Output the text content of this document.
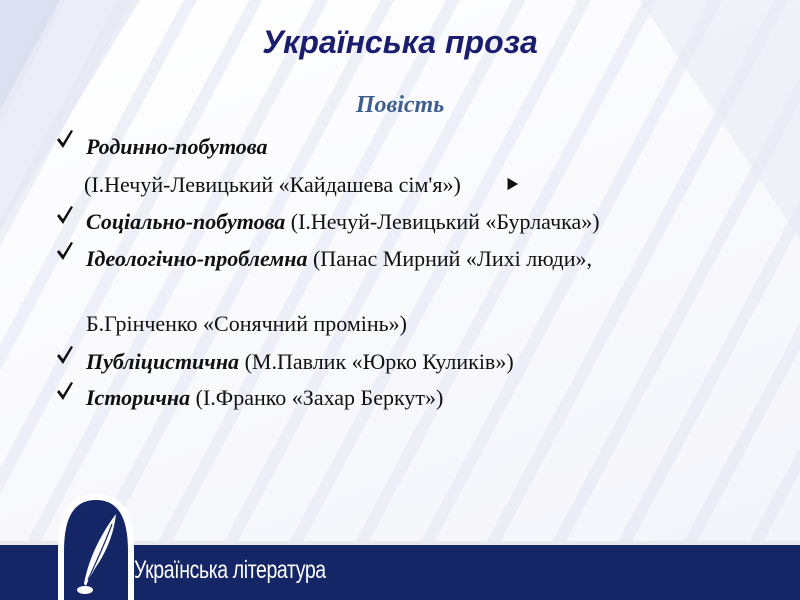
Українська проза
Повість
Родинно-побутова
(І.Нечуй-Левицький «Кайдашева сім'я»)
Соціально-побутова (І.Нечуй-Левицький «Бурлачка»)
Ідеологічно-проблемна (Панас Мирний «Лихі люди»,
Б.Грінченко «Сонячний промінь»)
Публіцистична (М.Павлик «Юрко Куликів»)
Історична (І.Франко «Захар Беркут»)
Українська література
